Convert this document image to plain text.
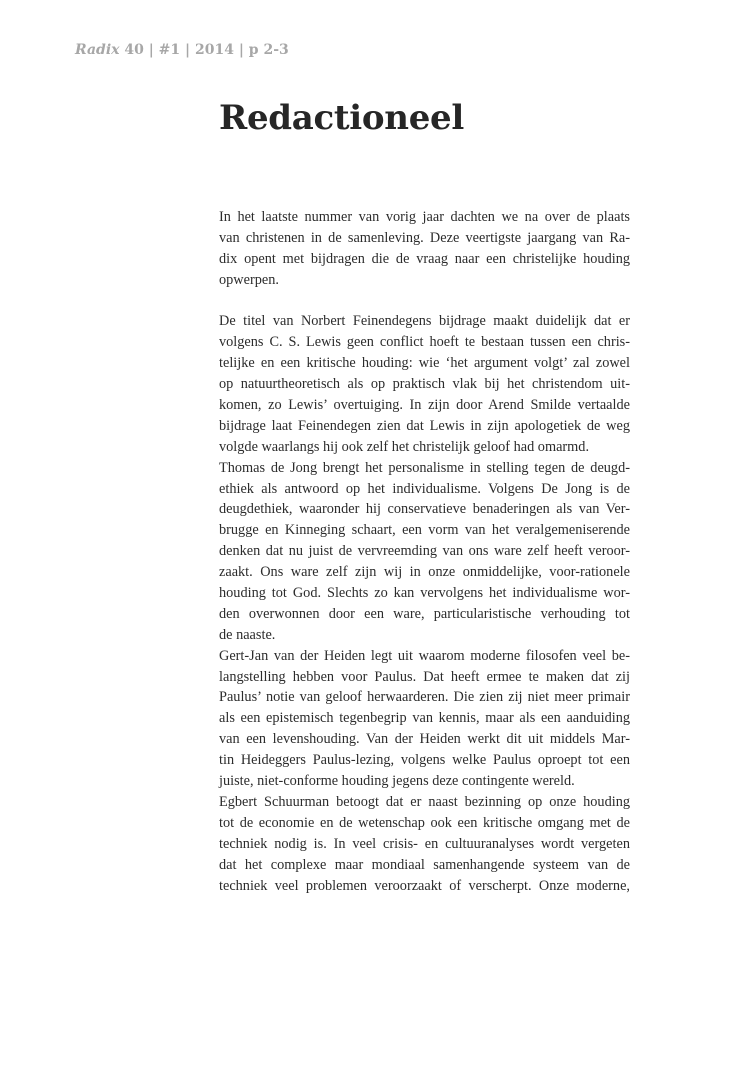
Radix 40 | #1 | 2014 | p 2-3
Redactioneel
In het laatste nummer van vorig jaar dachten we na over de plaats
van christenen in de samenleving. Deze veertigste jaargang van Ra-
dix opent met bijdragen die de vraag naar een christelijke houding
opwerpen.
De titel van Norbert Feinendegens bijdrage maakt duidelijk dat er
volgens C. S. Lewis geen conflict hoeft te bestaan tussen een chris-
telijke en een kritische houding: wie ‘het argument volgt’ zal zowel
op natuurtheoretisch als op praktisch vlak bij het christendom uit-
komen, zo Lewis’ overtuiging. In zijn door Arend Smilde vertaalde
bijdrage laat Feinendegen zien dat Lewis in zijn apologetiek de weg
volgde waarlangs hij ook zelf het christelijk geloof had omarmd.
Thomas de Jong brengt het personalisme in stelling tegen de deugd-
ethiek als antwoord op het individualisme. Volgens De Jong is de
deugdethiek, waaronder hij conservatieve benaderingen als van Ver-
brugge en Kinneging schaart, een vorm van het veralgemeniserende
denken dat nu juist de vervreemding van ons ware zelf heeft veroor-
zaakt. Ons ware zelf zijn wij in onze onmiddelijke, voor-rationele
houding tot God. Slechts zo kan vervolgens het individualisme wor-
den overwonnen door een ware, particularistische verhouding tot
de naaste.
Gert-Jan van der Heiden legt uit waarom moderne filosofen veel be-
langstelling hebben voor Paulus. Dat heeft ermee te maken dat zij
Paulus’ notie van geloof herwaarderen. Die zien zij niet meer primair
als een epistemisch tegenbegrip van kennis, maar als een aanduiding
van een levenshouding. Van der Heiden werkt dit uit middels Mar-
tin Heideggers Paulus-lezing, volgens welke Paulus oproept tot een
juiste, niet-conforme houding jegens deze contingente wereld.
Egbert Schuurman betoogt dat er naast bezinning op onze houding
tot de economie en de wetenschap ook een kritische omgang met de
techniek nodig is. In veel crisis- en cultuuranalyses wordt vergeten
dat het complexe maar mondiaal samenhangende systeem van de
techniek veel problemen veroorzaakt of verscherpt. Onze moderne,
